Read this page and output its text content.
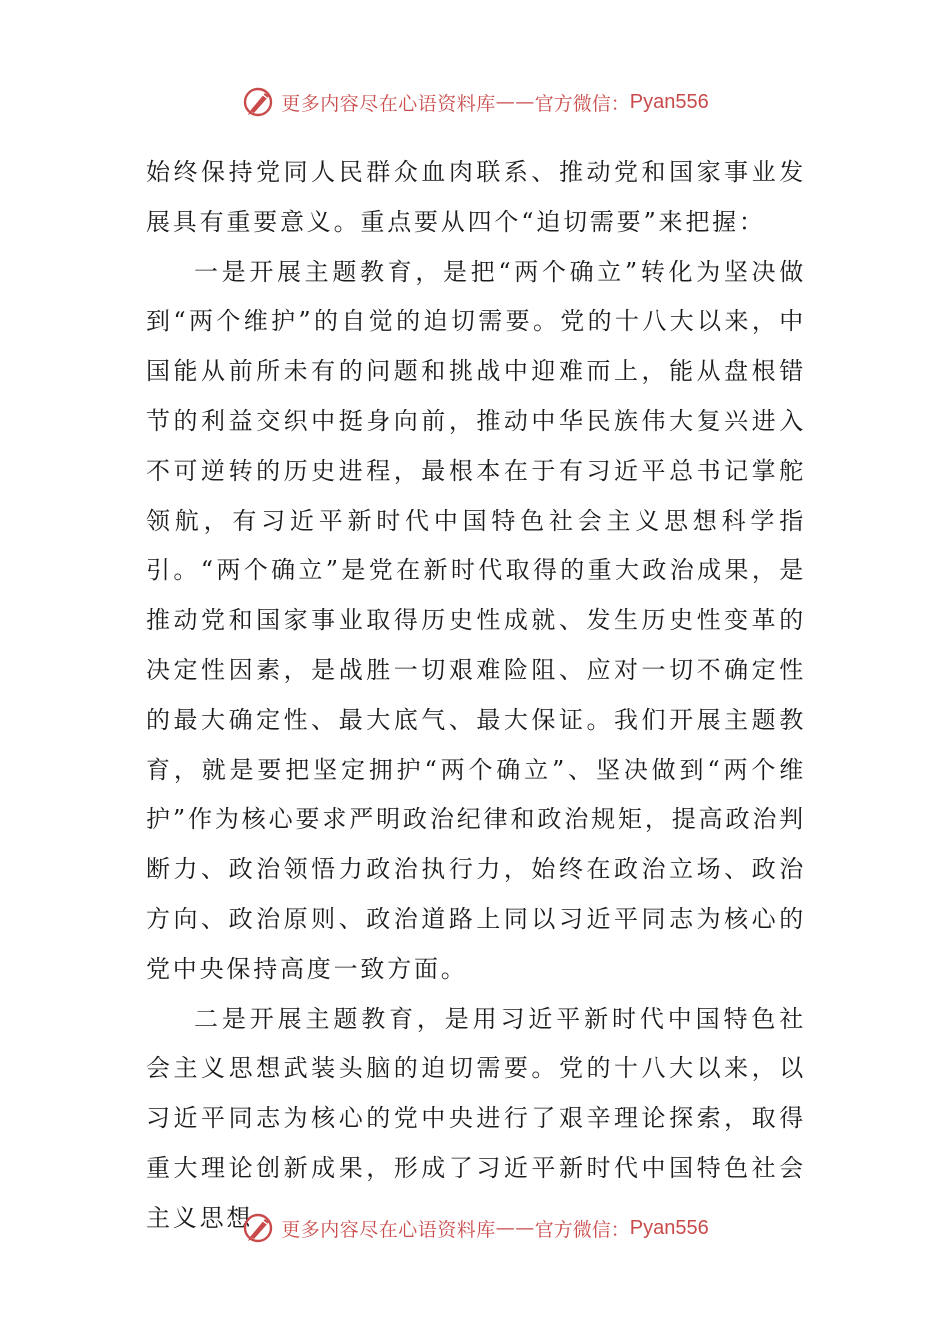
更多内容尽在心语资料库 —— 官方微信： Pyan556

始终保持党同人民群众血肉联系、推动党和国家事业发展具有重要意义。重点要从四个“迫切需要”来把握：

一是开展主题教育，是把“两个确立”转化为坚决做到“两个维护”的自觉的迫切需要。党的十八大以来，中国能从前所未有的问题和挑战中迎难而上，能从盘根错节的利益交织中挺身向前，推动中华民族伟大复兴进入不可逆转的历史进程，最根本在于有习近平总书记掌舵领航，有习近平新时代中国特色社会主义思想科学指引。“两个确立”是党在新时代取得的重大政治成果，是推动党和国家事业取得历史性成就、发生历史性变革的决定性因素，是战胜一切艰难险阻、应对一切不确定性的最大确定性、最大底气、最大保证。我们开展主题教育，就是要把坚定拥护“两个确立”、坚决做到“两个维护”作为核心要求严明政治纪律和政治规矩，提高政治判断力、政治领悟力政治执行力，始终在政治立场、政治方向、政治原则、政治道路上同以习近平同志为核心的党中央保持高度一致方面。

二是开展主题教育，是用习近平新时代中国特色社会主义思想武装头脑的迫切需要。党的十八大以来，以习近平同志为核心的党中央进行了艰辛理论探索，取得重大理论创新成果，形成了习近平新时代中国特色社会主义思想	更多内容尽在心语资料库 —— 官方微信： Pyan556
